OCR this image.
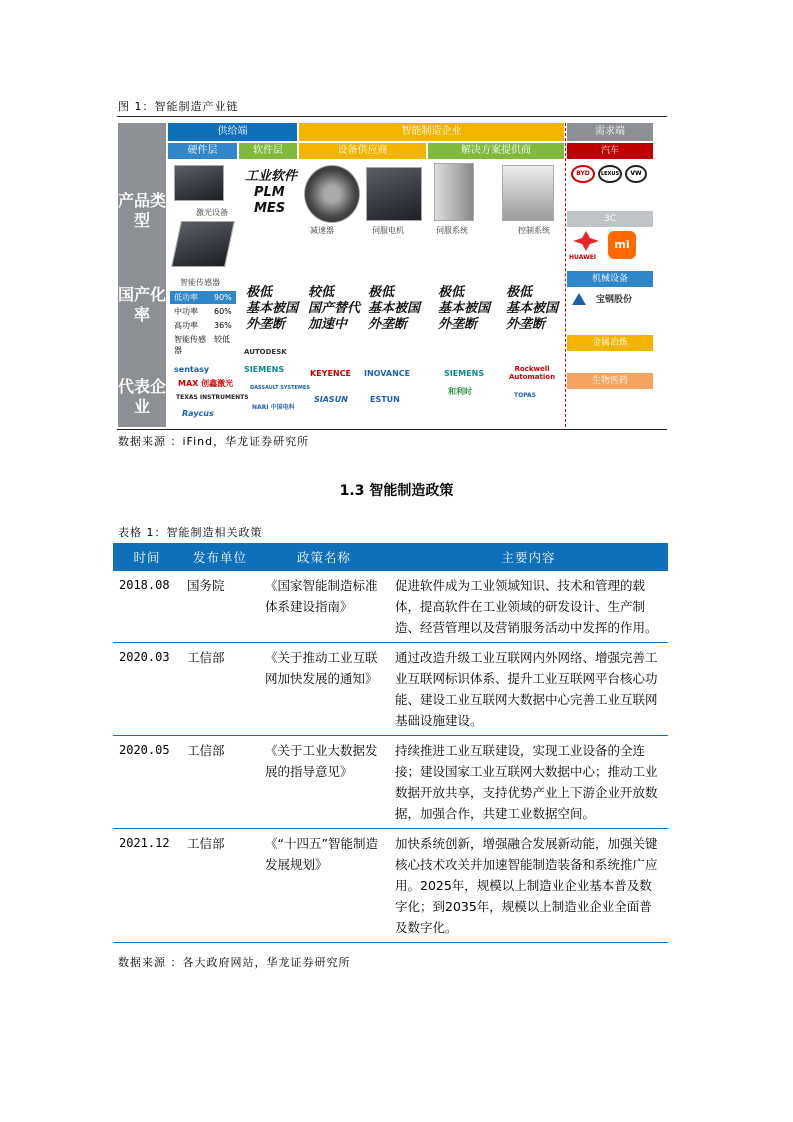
图 1：智能制造产业链
产品类型
国产化率
代表企业
供给端	智能制造企业	需求端
硬件层	软件层	设备供应商	解决方案提供商
激光设备
智能传感器
工业软件
PLM
MES
减速器	伺服电机	伺服系统	控制系统
低功率 90%
中功率 60%
高功率 36%
智能传感器
较低
极低
基本被国
外垄断
较低
国产替代
加速中
极低
基本被国
外垄断
极低
基本被国
外垄断
极低
基本被国
外垄断
sentasy
MAX 创鑫激光
TEXAS INSTRUMENTS
Raycus
AUTODESK
SIEMENS
DASSAULT SYSTEMES
NARI 中国电科
KEYENCE INOVANCE
SIASUN	ESTUN
SIEMENS	Rockwell Automation
和利时	TOPAS
汽车
BYD	LEXUS	VW
3C
HUAWEI
mi
机械设备
宝钢股份
金属冶炼
生物医药
数据来源 ：iFind，华龙证券研究所
1.3 智能制造政策
表格 1：智能制造相关政策
时间	发布单位	政策名称	主要内容
2018.08	国务院	《国家智能制造标准体系建设指南》	促进软件成为工业领域知识、技术和管理的载体，提高软件在工业领域的研发设计、生产制造、经营管理以及营销服务活动中发挥的作用。
2020.03	工信部	《关于推动工业互联网加快发展的通知》	通过改造升级工业互联网内外网络、增强完善工业互联网标识体系、提升工业互联网平台核心功能、建设工业互联网大数据中心完善工业互联网基础设施建设。
2020.05	工信部	《关于工业大数据发展的指导意见》	持续推进工业互联建设，实现工业设备的全连接；建设国家工业互联网大数据中心；推动工业数据开放共享，支持优势产业上下游企业开放数据，加强合作，共建工业数据空间。
2021.12	工信部	《“十四五”智能制造发展规划》	加快系统创新，增强融合发展新动能，加强关键核心技术攻关并加速智能制造装备和系统推广应用。2025年，规模以上制造业企业基本普及数字化；到2035年，规模以上制造业企业全面普及数字化。
数据来源 ：各大政府网站，华龙证券研究所
